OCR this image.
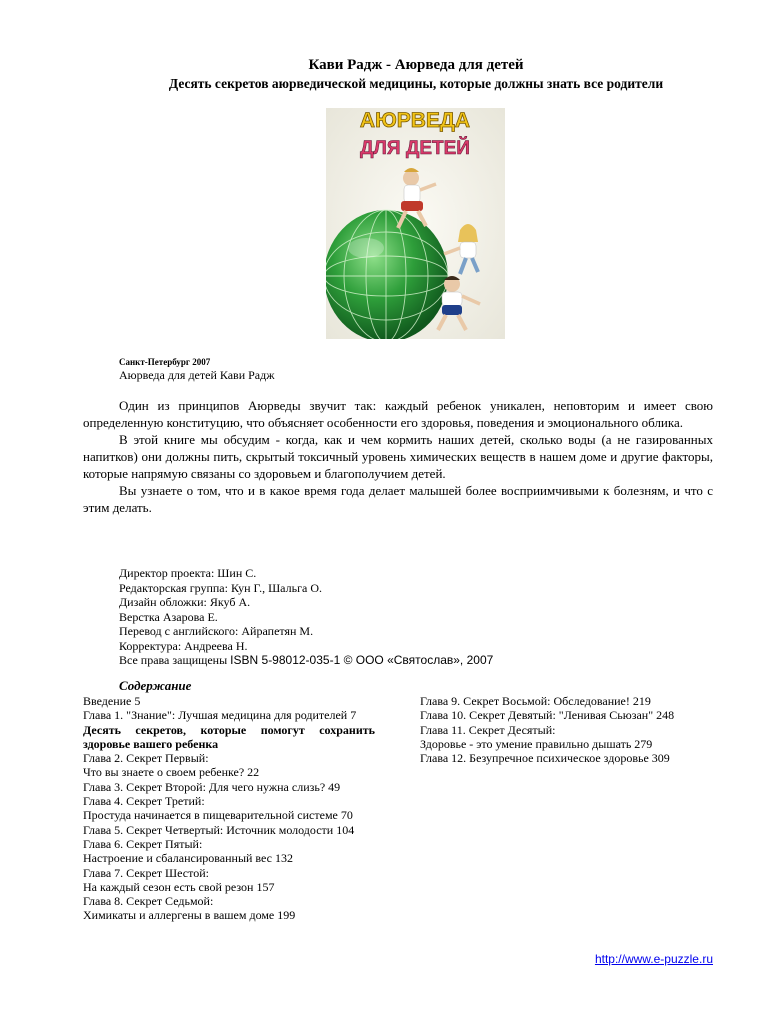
Кави Радж - Аюрведа для детей
Десять секретов аюрведической медицины, которые должны знать все родители
АЮРВЕДА
ДЛЯ ДЕТЕЙ
Санкт-Петербург 2007
Аюрведа для детей Кави Радж

Один из принципов Аюрведы звучит так: каждый ребенок уникален, неповторим и имеет свою определенную конституцию, что объясняет особенности его здоровья, поведения и эмоционального облика.

В этой книге мы обсудим - когда, как и чем кормить наших детей, сколько воды (а не газированных напитков) они должны пить, скрытый токсичный уровень химических веществ в нашем доме и другие факторы, которые напрямую связаны со здоровьем и благополучием детей.

Вы узнаете о том, что и в какое время года делает малышей более восприимчивыми к болезням, и что с этим делать.

Директор проекта: Шин С.
Редакторская группа: Кун Г., Шальга О.
Дизайн обложки: Якуб А.
Верстка Азарова Е.
Перевод с английского: Айрапетян М.
Корректура: Андреева Н.
Все права защищены ISBN 5-98012-035-1 © ООО «Святослав», 2007
Содержание
Введение 5
Глава 1. "Знание": Лучшая медицина для родителей 7
Десять секретов, которые помогут сохранить здоровье вашего ребенка
Глава 2. Секрет Первый:
Что вы знаете о своем ребенке? 22
Глава 3. Секрет Второй: Для чего нужна слизь? 49
Глава 4. Секрет Третий:
Простуда начинается в пищеварительной системе 70
Глава 5. Секрет Четвертый: Источник молодости 104
Глава 6. Секрет Пятый:
Настроение и сбалансированный вес 132
Глава 7. Секрет Шестой:
На каждый сезон есть свой резон 157
Глава 8. Секрет Седьмой:
Химикаты и аллергены в вашем доме 199
Глава 9. Секрет Восьмой: Обследование! 219
Глава 10. Секрет Девятый: "Ленивая Сьюзан" 248
Глава 11. Секрет Десятый:
Здоровье - это умение правильно дышать 279
Глава 12. Безупречное психическое здоровье 309
http://www.e-puzzle.ru
